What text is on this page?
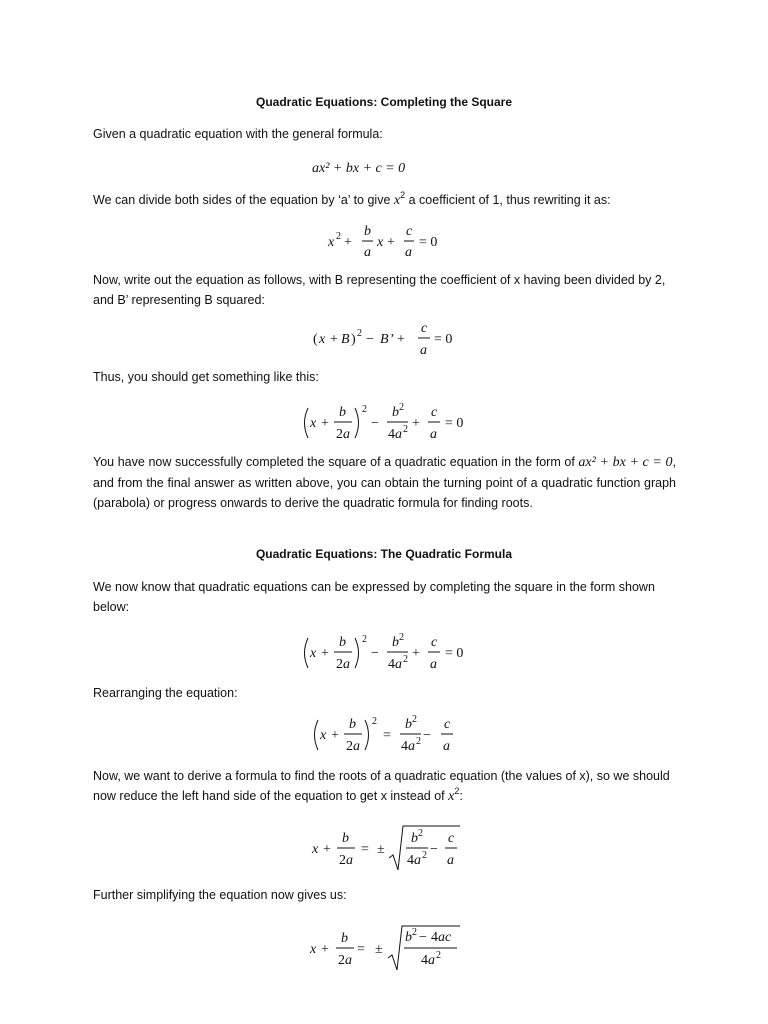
Quadratic Equations: Completing the Square
Given a quadratic equation with the general formula:
ax² + bx + c = 0
We can divide both sides of the equation by ‘a’ to give $x^2$ a coefficient of 1, thus rewriting it as:
x 2 +
b
a
x +
c
a
= 0
Now, write out the equation as follows, with B representing the coefficient of x having been divided by 2, and B’ representing B squared:
( x + B ) 2 − B ’ +
c
a
= 0
Thus, you should get something like this:
x +
b
2a
2
−
b 2
4a 2 +
c
a
= 0
You have now successfully completed the square of a quadratic equation in the form of ax² + bx + c = 0, and from the final answer as written above, you can obtain the turning point of a quadratic function graph (parabola) or progress onwards to derive the quadratic formula for finding roots.
Quadratic Equations: The Quadratic Formula
We now know that quadratic equations can be expressed by completing the square in the form shown below:
x +
b
2a
2
−
b 2
4a 2 +
c
a
= 0
Rearranging the equation:
x +
b
2a
2
=
b 2
4a 2 −
c
a
Now, we want to derive a formula to find the roots of a quadratic equation (the values of x), so we should now reduce the left hand side of the equation to get x instead of $x^2$:
x +
b
2a
= ±
b 2
4a 2 −
c
a
Further simplifying the equation now gives us:
x +
b
2a
= ±
b 2 − 4ac
4a 2
